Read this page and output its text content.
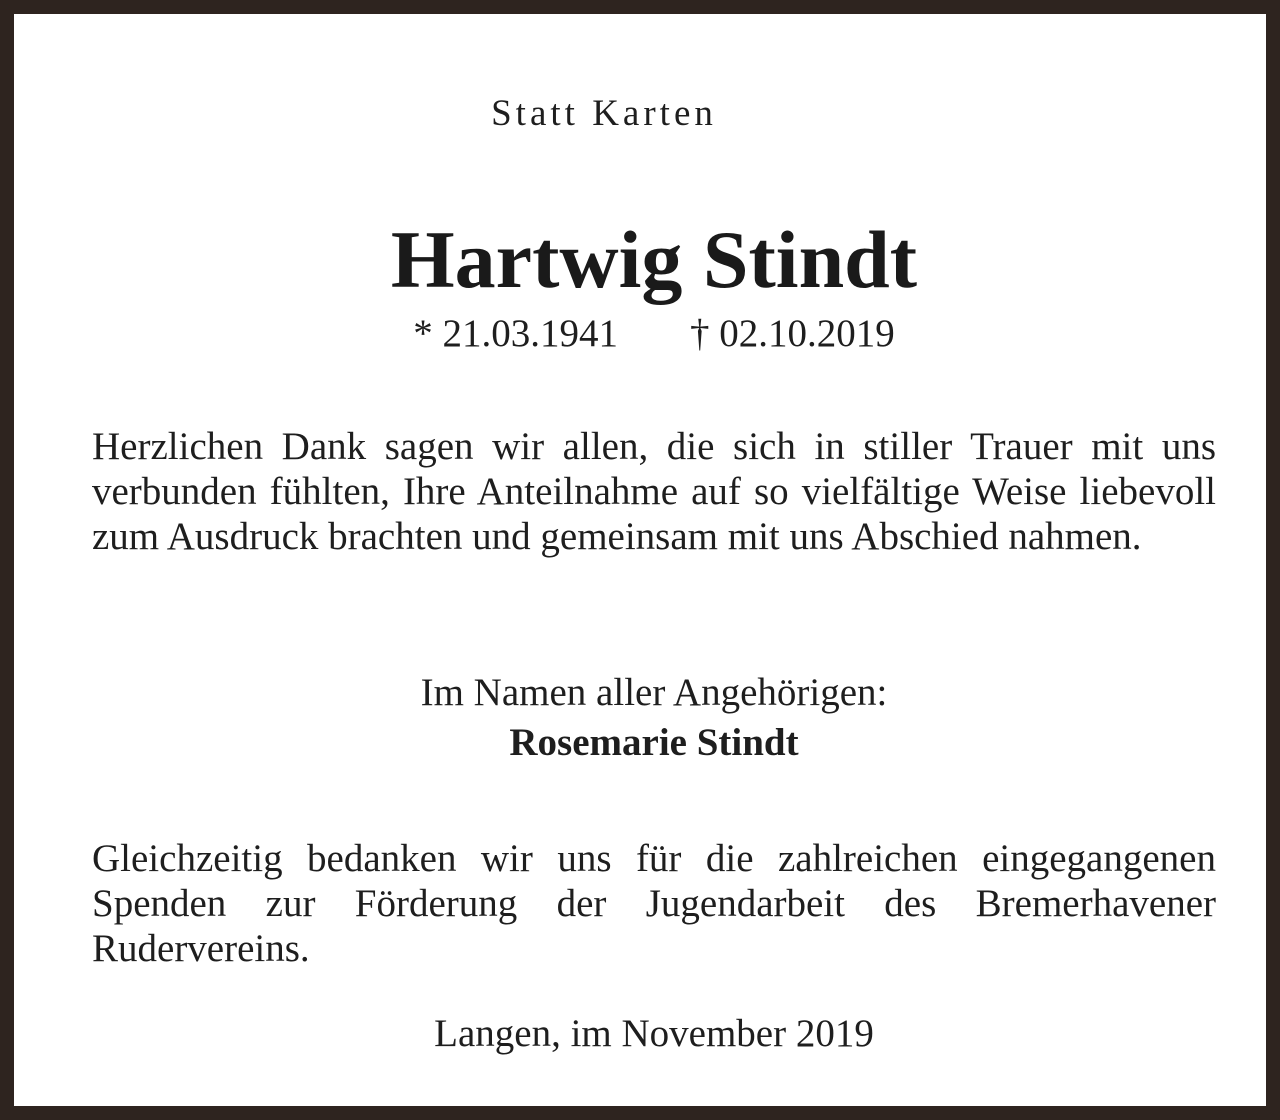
Statt Karten
Hartwig Stindt
* 21.03.1941 † 02.10.2019
Herzlichen Dank sagen wir allen, die sich in stiller Trauer mit uns verbunden fühlten, Ihre Anteilnahme auf so vielfältige Weise liebevoll zum Ausdruck brachten und gemeinsam mit uns Abschied nahmen.
Im Namen aller Angehörigen:
Rosemarie Stindt
Gleichzeitig bedanken wir uns für die zahlreichen eingegangenen Spenden zur Förderung der Jugendarbeit des Bremerhavener Rudervereins.
Langen, im November 2019
